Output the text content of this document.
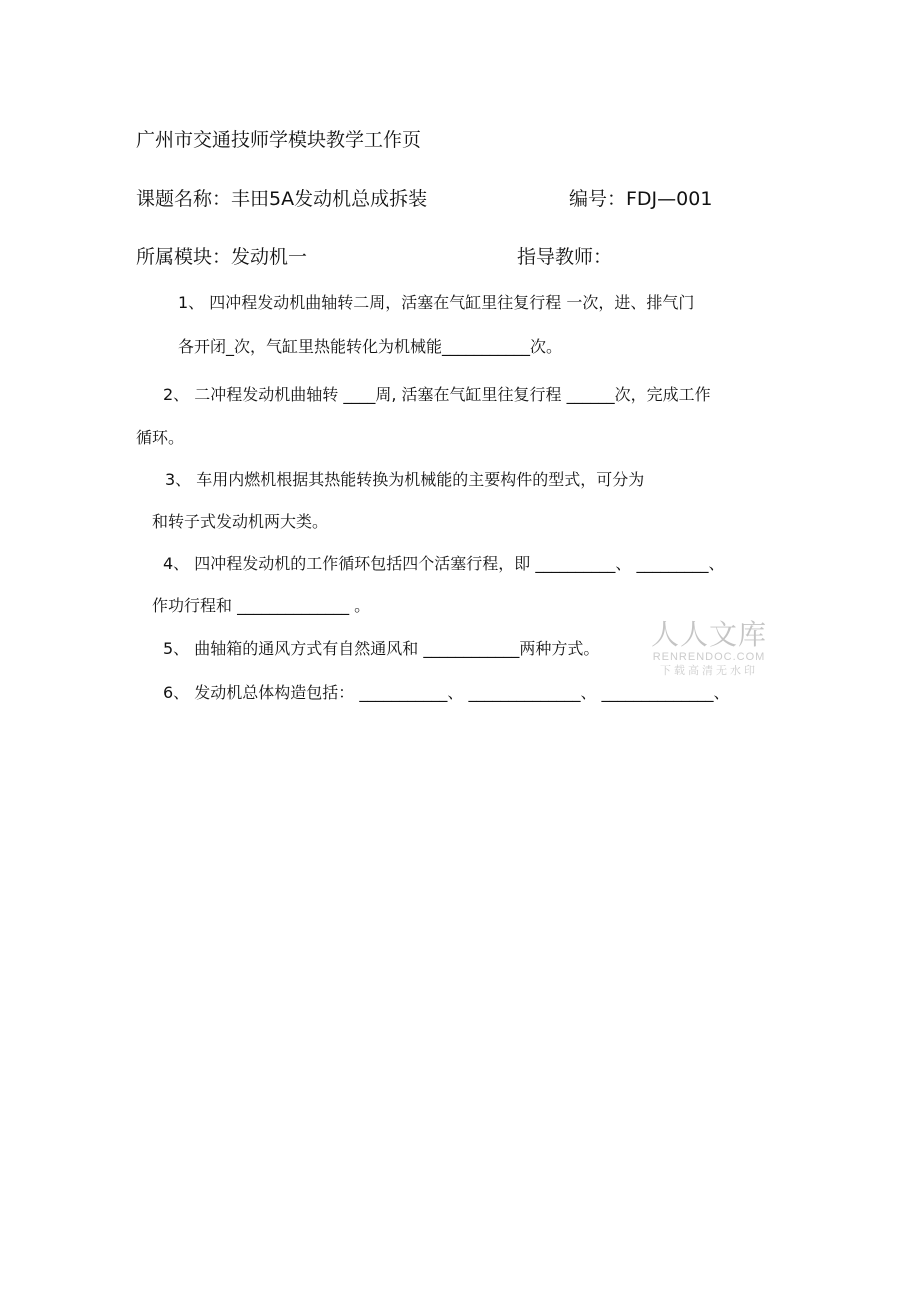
广州市交通技师学模块教学工作页
课题名称：丰田5A发动机总成拆装	编号：FDJ—001
所属模块：发动机一	指导教师：
1、 四冲程发动机曲轴转二周，活塞在气缸里往复行程 一次，进、排气门
各开闭_次，气缸里热能转化为机械能___________次。
2、 二冲程发动机曲轴转 ____周, 活塞在气缸里往复行程 ______次，完成工作
循环。
3、 车用内燃机根据其热能转换为机械能的主要构件的型式，可分为
和转子式发动机两大类。
4、 四冲程发动机的工作循环包括四个活塞行程，即 __________、 _________、
作功行程和 ______________ 。
5、 曲轴箱的通风方式有自然通风和 ____________两种方式。
6、 发动机总体构造包括： ___________、 ______________、 ______________、
人人文库
RENRENDOC.COM
下载高清无水印
